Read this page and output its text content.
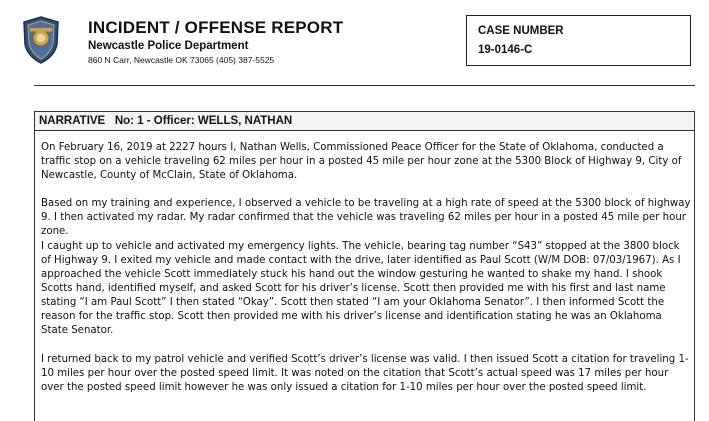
INCIDENT / OFFENSE REPORT
Newcastle Police Department
860 N Carr, Newcastle OK 73065 (405) 387-5525
CASE NUMBER
19-0146-C
NARRATIVE
No: 1 - Officer: WELLS, NATHAN

On February 16, 2019 at 2227 hours I, Nathan Wells, Commissioned Peace Officer for the State of Oklahoma, conducted a traffic stop on a vehicle traveling 62 miles per hour in a posted 45 mile per hour zone at the 5300 Block of Highway 9, City of Newcastle, County of McClain, State of Oklahoma.

Based on my training and experience, I observed a vehicle to be traveling at a high rate of speed at the 5300 block of highway 9. I then activated my radar. My radar confirmed that the vehicle was traveling 62 miles per hour in a posted 45 mile per hour zone.

I caught up to vehicle and activated my emergency lights. The vehicle, bearing tag number “S43” stopped at the 3800 block of Highway 9. I exited my vehicle and made contact with the drive, later identified as Paul Scott (W/M DOB: 07/03/1967). As I approached the vehicle Scott immediately stuck his hand out the window gesturing he wanted to shake my hand. I shook Scotts hand, identified myself, and asked Scott for his driver’s license. Scott then provided me with his first and last name stating “I am Paul Scott” I then stated “Okay”. Scott then stated “I am your Oklahoma Senator”. I then informed Scott the reason for the traffic stop. Scott then provided me with his driver’s license and identification stating he was an Oklahoma State Senator.

I returned back to my patrol vehicle and verified Scott’s driver’s license was valid. I then issued Scott a citation for traveling 1-10 miles per hour over the posted speed limit. It was noted on the citation that Scott’s actual speed was 17 miles per hour over the posted speed limit however he was only issued a citation for 1-10 miles per hour over the posted speed limit.
